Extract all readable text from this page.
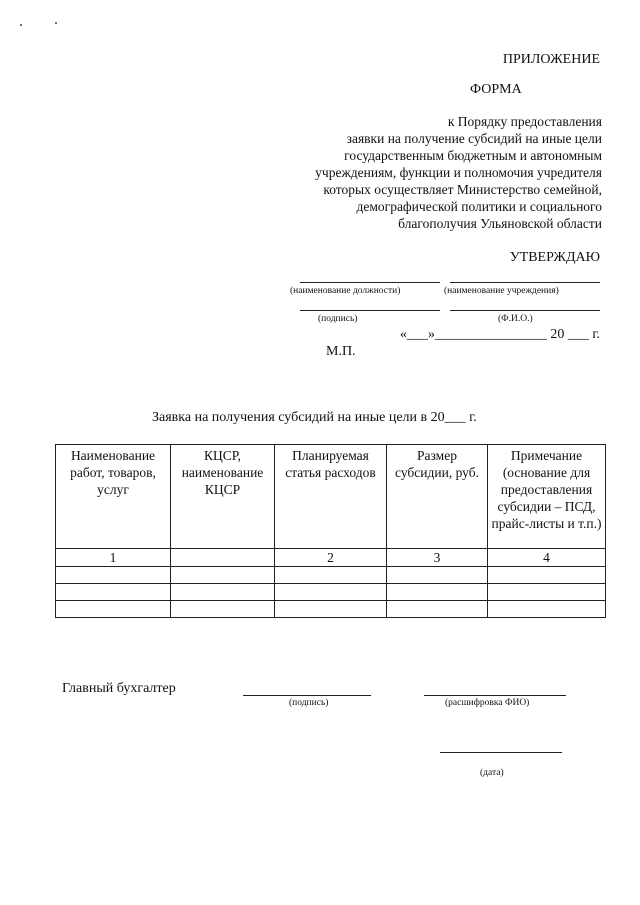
ПРИЛОЖЕНИЕ
ФОРМА
к Порядку предоставления
заявки на получение субсидий на иные цели
государственным бюджетным и автономным
учреждениям, функции и полномочия учредителя
которых осуществляет Министерство семейной,
демографической политики и социального
благополучия Ульяновской области
УТВЕРЖДАЮ
(наименование должности)	(наименование учреждения)
(подпись)	(Ф.И.О.)
«___»________________ 20 ___ г.
М.П.
Заявка на получения субсидий на иные цели в 20___ г.
Наименование работ, товаров, услуг	КЦСР, наименование КЦСР	Планируемая статья расходов	Размер субсидии, руб.	Примечание (основание для предоставления субсидии – ПСД, прайс-листы и т.п.)
1		2	3	4

Главный бухгалтер
(подпись)	(расшифровка ФИО)
(дата)
